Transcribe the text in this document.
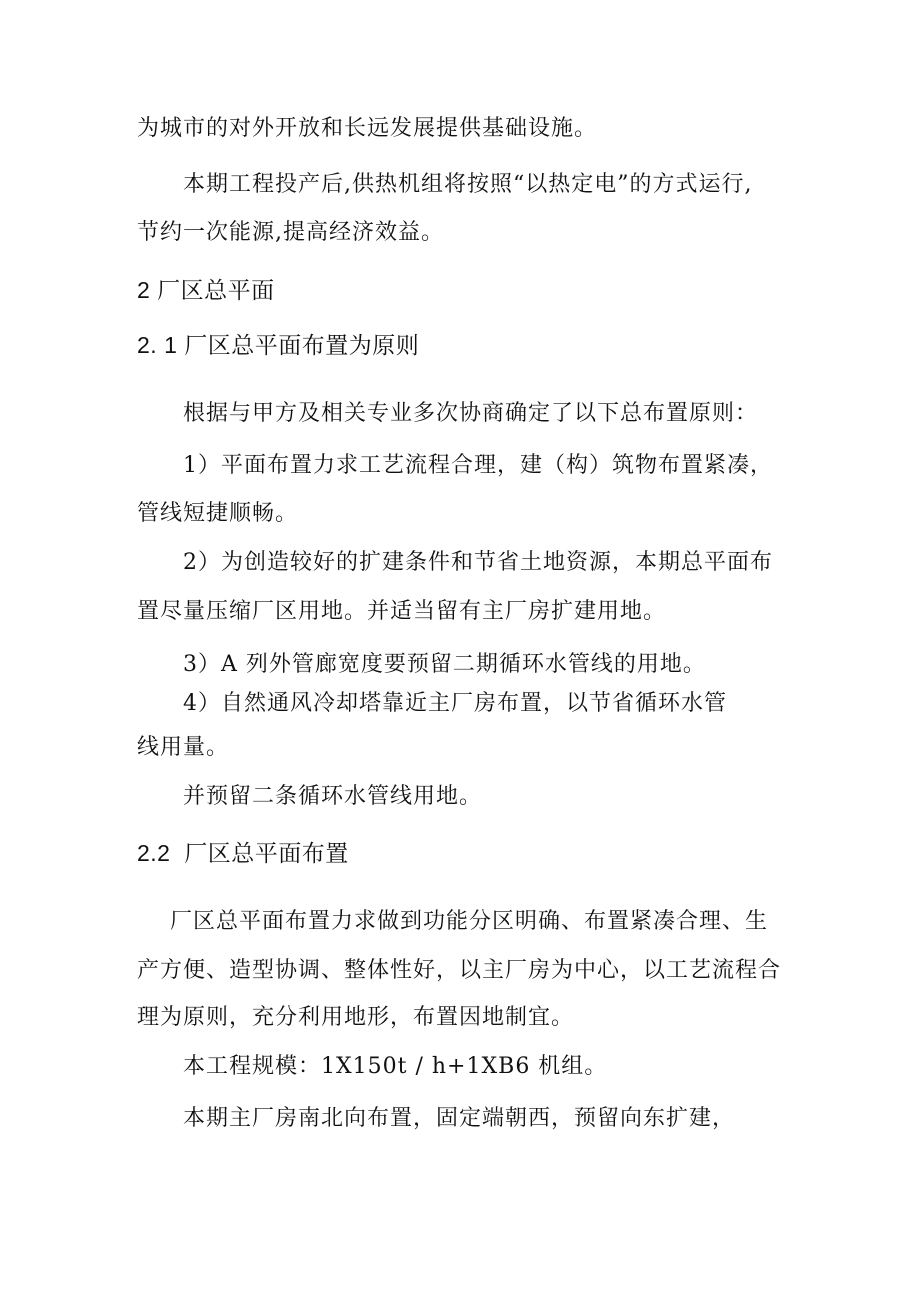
为城市的对外开放和长远发展提供基础设施。
本期工程投产后,供热机组将按照“以热定电”的方式运行,
节约一次能源,提高经济效益。
2 厂区总平面
2. 1 厂区总平面布置为原则
根据与甲方及相关专业多次协商确定了以下总布置原则：
1）平面布置力求工艺流程合理，建（构）筑物布置紧凑，
管线短捷顺畅。
2）为创造较好的扩建条件和节省土地资源，本期总平面布
置尽量压缩厂区用地。并适当留有主厂房扩建用地。
3）A 列外管廊宽度要预留二期循环水管线的用地。
4）自然通风冷却塔靠近主厂房布置，以节省循环水管
线用量。
并预留二条循环水管线用地。
2.2  厂区总平面布置
厂区总平面布置力求做到功能分区明确、布置紧凑合理、生
产方便、造型协调、整体性好，以主厂房为中心，以工艺流程合
理为原则，充分利用地形，布置因地制宜。
本工程规模：1X150t / h+1XB6 机组。
本期主厂房南北向布置，固定端朝西，预留向东扩建，
